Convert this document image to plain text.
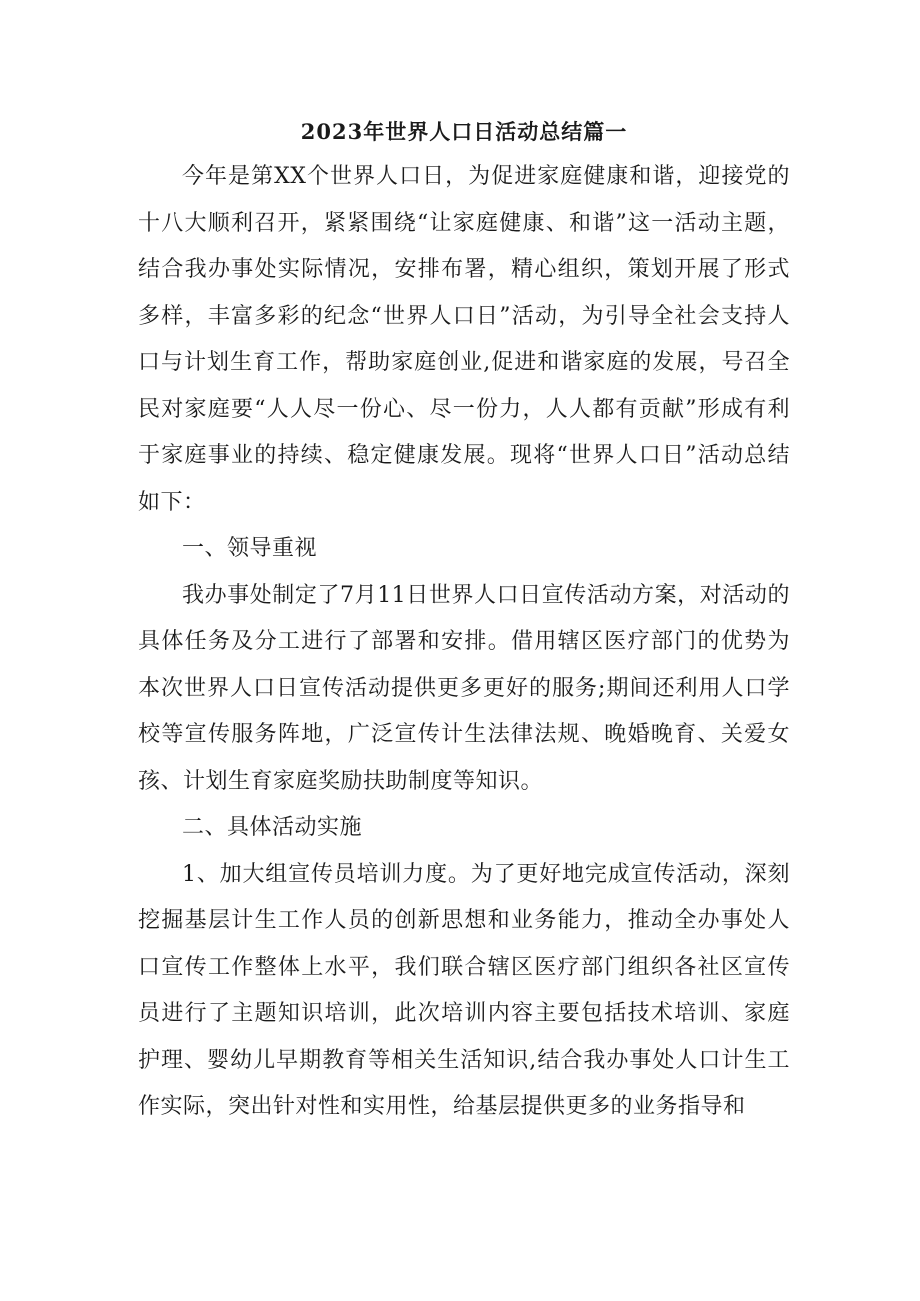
2023年世界人口日活动总结篇一

今年是第XX个世界人口日，为促进家庭健康和谐，迎接党的十八大顺利召开，紧紧围绕“让家庭健康、和谐”这一活动主题，结合我办事处实际情况，安排布署，精心组织，策划开展了形式多样，丰富多彩的纪念“世界人口日”活动，为引导全社会支持人口与计划生育工作，帮助家庭创业,促进和谐家庭的发展，号召全民对家庭要“人人尽一份心、尽一份力，人人都有贡献”形成有利于家庭事业的持续、稳定健康发展。现将“世界人口日”活动总结如下：

一、领导重视

我办事处制定了7月11日世界人口日宣传活动方案，对活动的具体任务及分工进行了部署和安排。借用辖区医疗部门的优势为本次世界人口日宣传活动提供更多更好的服务;期间还利用人口学校等宣传服务阵地，广泛宣传计生法律法规、晚婚晚育、关爱女孩、计划生育家庭奖励扶助制度等知识。

二、具体活动实施

1、加大组宣传员培训力度。为了更好地完成宣传活动，深刻挖掘基层计生工作人员的创新思想和业务能力，推动全办事处人口宣传工作整体上水平，我们联合辖区医疗部门组织各社区宣传员进行了主题知识培训，此次培训内容主要包括技术培训、家庭护理、婴幼儿早期教育等相关生活知识,结合我办事处人口计生工作实际，突出针对性和实用性，给基层提供更多的业务指导和
